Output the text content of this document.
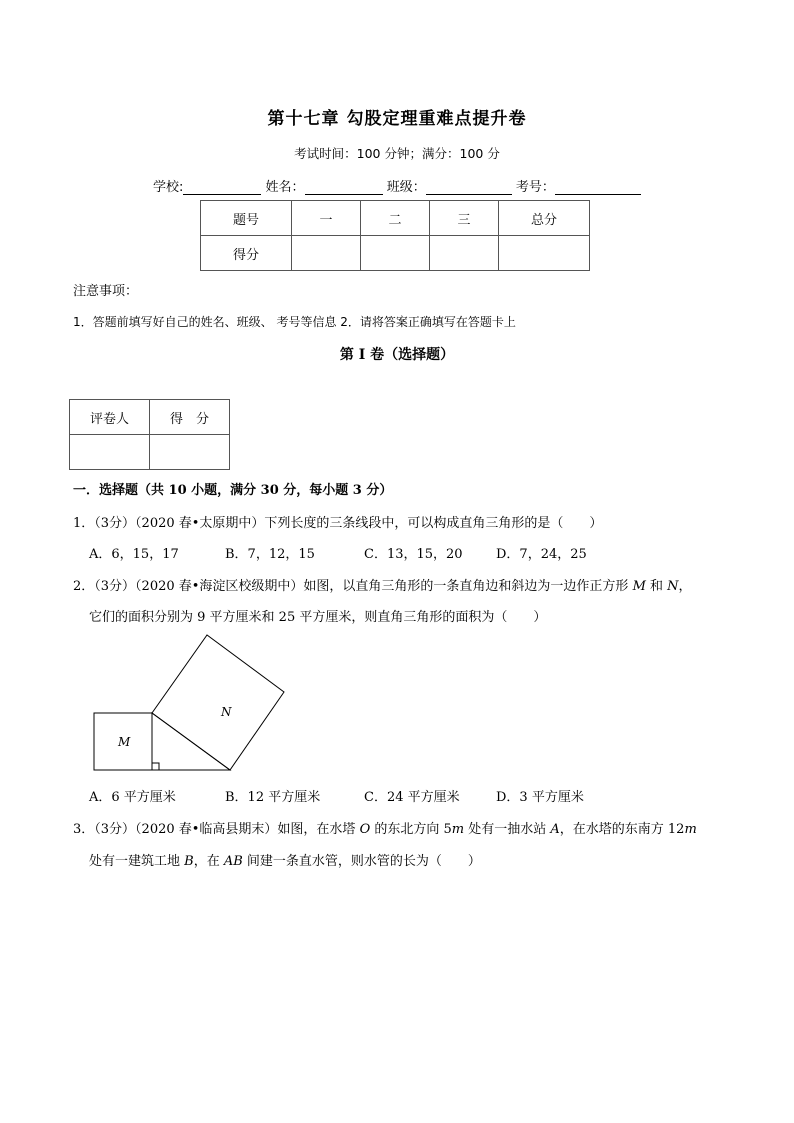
第十七章 勾股定理重难点提升卷
考试时间：100 分钟；满分：100 分
学校:	姓名：	班级：	考号：
题号	一	二	三	总分
得分				
注意事项：
1．答题前填写好自己的姓名、班级、 考号等信息 2．请将答案正确填写在答题卡上
第 I 卷（选择题）
评卷人	得　分

一．选择题（共 10 小题，满分 30 分，每小题 3 分）
1．（3分）（2020 春•太原期中）下列长度的三条线段中，可以构成直角三角形的是（　　）
A．6，15，17	B．7，12，15	C．13，15，20	D．7，24，25
2．（3分）（2020 春•海淀区校级期中）如图，以直角三角形的一条直角边和斜边为一边作正方形 M 和 N，
它们的面积分别为 9 平方厘米和 25 平方厘米，则直角三角形的面积为（　　）
M
N
A．6 平方厘米	B．12 平方厘米	C．24 平方厘米	D．3 平方厘米
3．（3分）（2020 春•临高县期末）如图，在水塔 O 的东北方向 5m 处有一抽水站 A，在水塔的东南方 12m
处有一建筑工地 B，在 AB 间建一条直水管，则水管的长为（　　）
